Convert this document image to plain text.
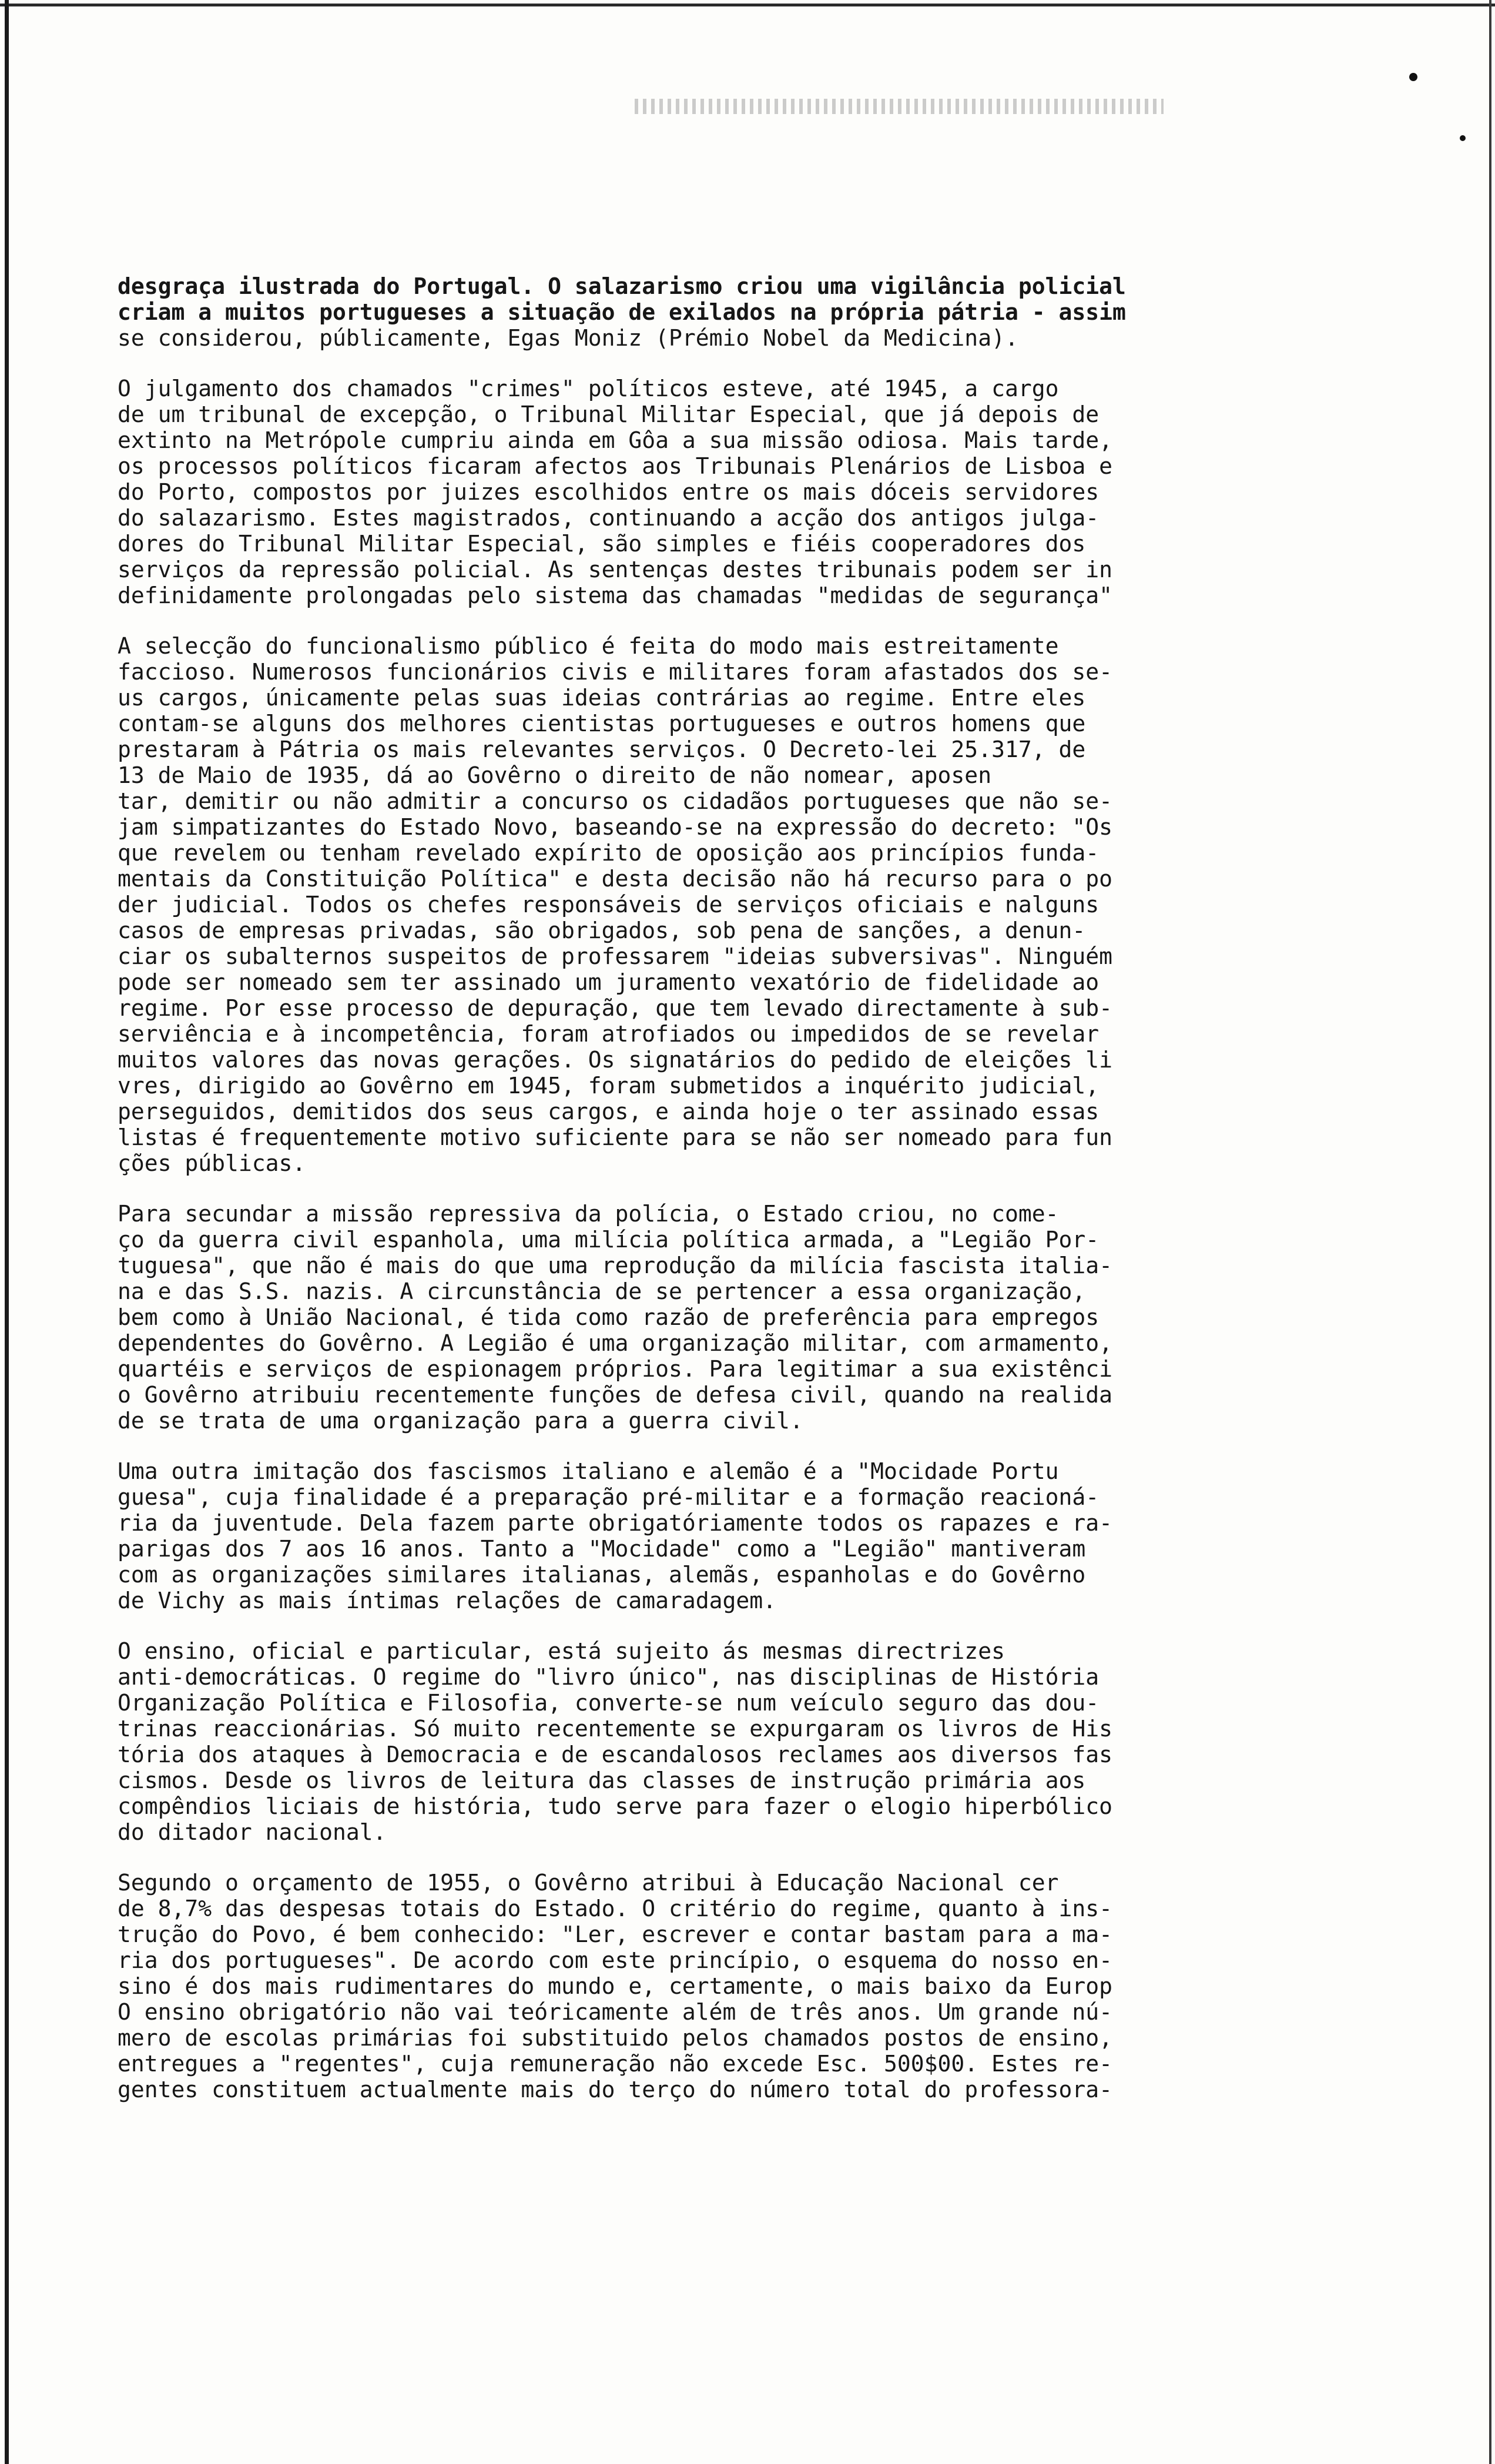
desgraça ilustrada do Portugal. O salazarismo criou uma vigilância policial
criam a muitos portugueses a situação de exilados na própria pátria - assim
se considerou, públicamente, Egas Moniz (Prémio Nobel da Medicina).
O julgamento dos chamados "crimes" políticos esteve, até 1945, a cargo
de um tribunal de excepção, o Tribunal Militar Especial, que já depois de
extinto na Metrópole cumpriu ainda em Gôa a sua missão odiosa. Mais tarde,
os processos políticos ficaram afectos aos Tribunais Plenários de Lisboa e
do Porto, compostos por juizes escolhidos entre os mais dóceis servidores
do salazarismo. Estes magistrados, continuando a acção dos antigos julga-
dores do Tribunal Militar Especial, são simples e fiéis cooperadores dos
serviços da repressão policial. As sentenças destes tribunais podem ser in
definidamente prolongadas pelo sistema das chamadas "medidas de segurança"
A selecção do funcionalismo público é feita do modo mais estreitamente
faccioso. Numerosos funcionários civis e militares foram afastados dos se-
us cargos, únicamente pelas suas ideias contrárias ao regime. Entre eles
contam-se alguns dos melhores cientistas portugueses e outros homens que
prestaram à Pátria os mais relevantes serviços. O Decreto-lei 25.317, de
13 de Maio de 1935, dá ao Govêrno o direito de não nomear, aposen
tar, demitir ou não admitir a concurso os cidadãos portugueses que não se-
jam simpatizantes do Estado Novo, baseando-se na expressão do decreto: "Os
que revelem ou tenham revelado expírito de oposição aos princípios funda-
mentais da Constituição Política" e desta decisão não há recurso para o po
der judicial. Todos os chefes responsáveis de serviços oficiais e nalguns
casos de empresas privadas, são obrigados, sob pena de sanções, a denun-
ciar os subalternos suspeitos de professarem "ideias subversivas". Ninguém
pode ser nomeado sem ter assinado um juramento vexatório de fidelidade ao
regime. Por esse processo de depuração, que tem levado directamente à sub-
serviência e à incompetência, foram atrofiados ou impedidos de se revelar
muitos valores das novas gerações. Os signatários do pedido de eleições li
vres, dirigido ao Govêrno em 1945, foram submetidos a inquérito judicial,
perseguidos, demitidos dos seus cargos, e ainda hoje o ter assinado essas
listas é frequentemente motivo suficiente para se não ser nomeado para fun
ções públicas.
Para secundar a missão repressiva da polícia, o Estado criou, no come-
ço da guerra civil espanhola, uma milícia política armada, a "Legião Por-
tuguesa", que não é mais do que uma reprodução da milícia fascista italia-
na e das S.S. nazis. A circunstância de se pertencer a essa organização,
bem como à União Nacional, é tida como razão de preferência para empregos
dependentes do Govêrno. A Legião é uma organização militar, com armamento,
quartéis e serviços de espionagem próprios. Para legitimar a sua existênci
o Govêrno atribuiu recentemente funções de defesa civil, quando na realida
de se trata de uma organização para a guerra civil.
Uma outra imitação dos fascismos italiano e alemão é a "Mocidade Portu
guesa", cuja finalidade é a preparação pré-militar e a formação reacioná-
ria da juventude. Dela fazem parte obrigatóriamente todos os rapazes e ra-
parigas dos 7 aos 16 anos. Tanto a "Mocidade" como a "Legião" mantiveram
com as organizações similares italianas, alemãs, espanholas e do Govêrno
de Vichy as mais íntimas relações de camaradagem.
O ensino, oficial e particular, está sujeito ás mesmas directrizes
anti-democráticas. O regime do "livro único", nas disciplinas de História
Organização Política e Filosofia, converte-se num veículo seguro das dou-
trinas reaccionárias. Só muito recentemente se expurgaram os livros de His
tória dos ataques à Democracia e de escandalosos reclames aos diversos fas
cismos. Desde os livros de leitura das classes de instrução primária aos
compêndios liciais de história, tudo serve para fazer o elogio hiperbólico
do ditador nacional.
Segundo o orçamento de 1955, o Govêrno atribui à Educação Nacional cer
de 8,7% das despesas totais do Estado. O critério do regime, quanto à ins-
trução do Povo, é bem conhecido: "Ler, escrever e contar bastam para a ma-
ria dos portugueses". De acordo com este princípio, o esquema do nosso en-
sino é dos mais rudimentares do mundo e, certamente, o mais baixo da Europ
O ensino obrigatório não vai teóricamente além de três anos. Um grande nú-
mero de escolas primárias foi substituido pelos chamados postos de ensino,
entregues a "regentes", cuja remuneração não excede Esc. 500$00. Estes re-
gentes constituem actualmente mais do terço do número total do professora-
